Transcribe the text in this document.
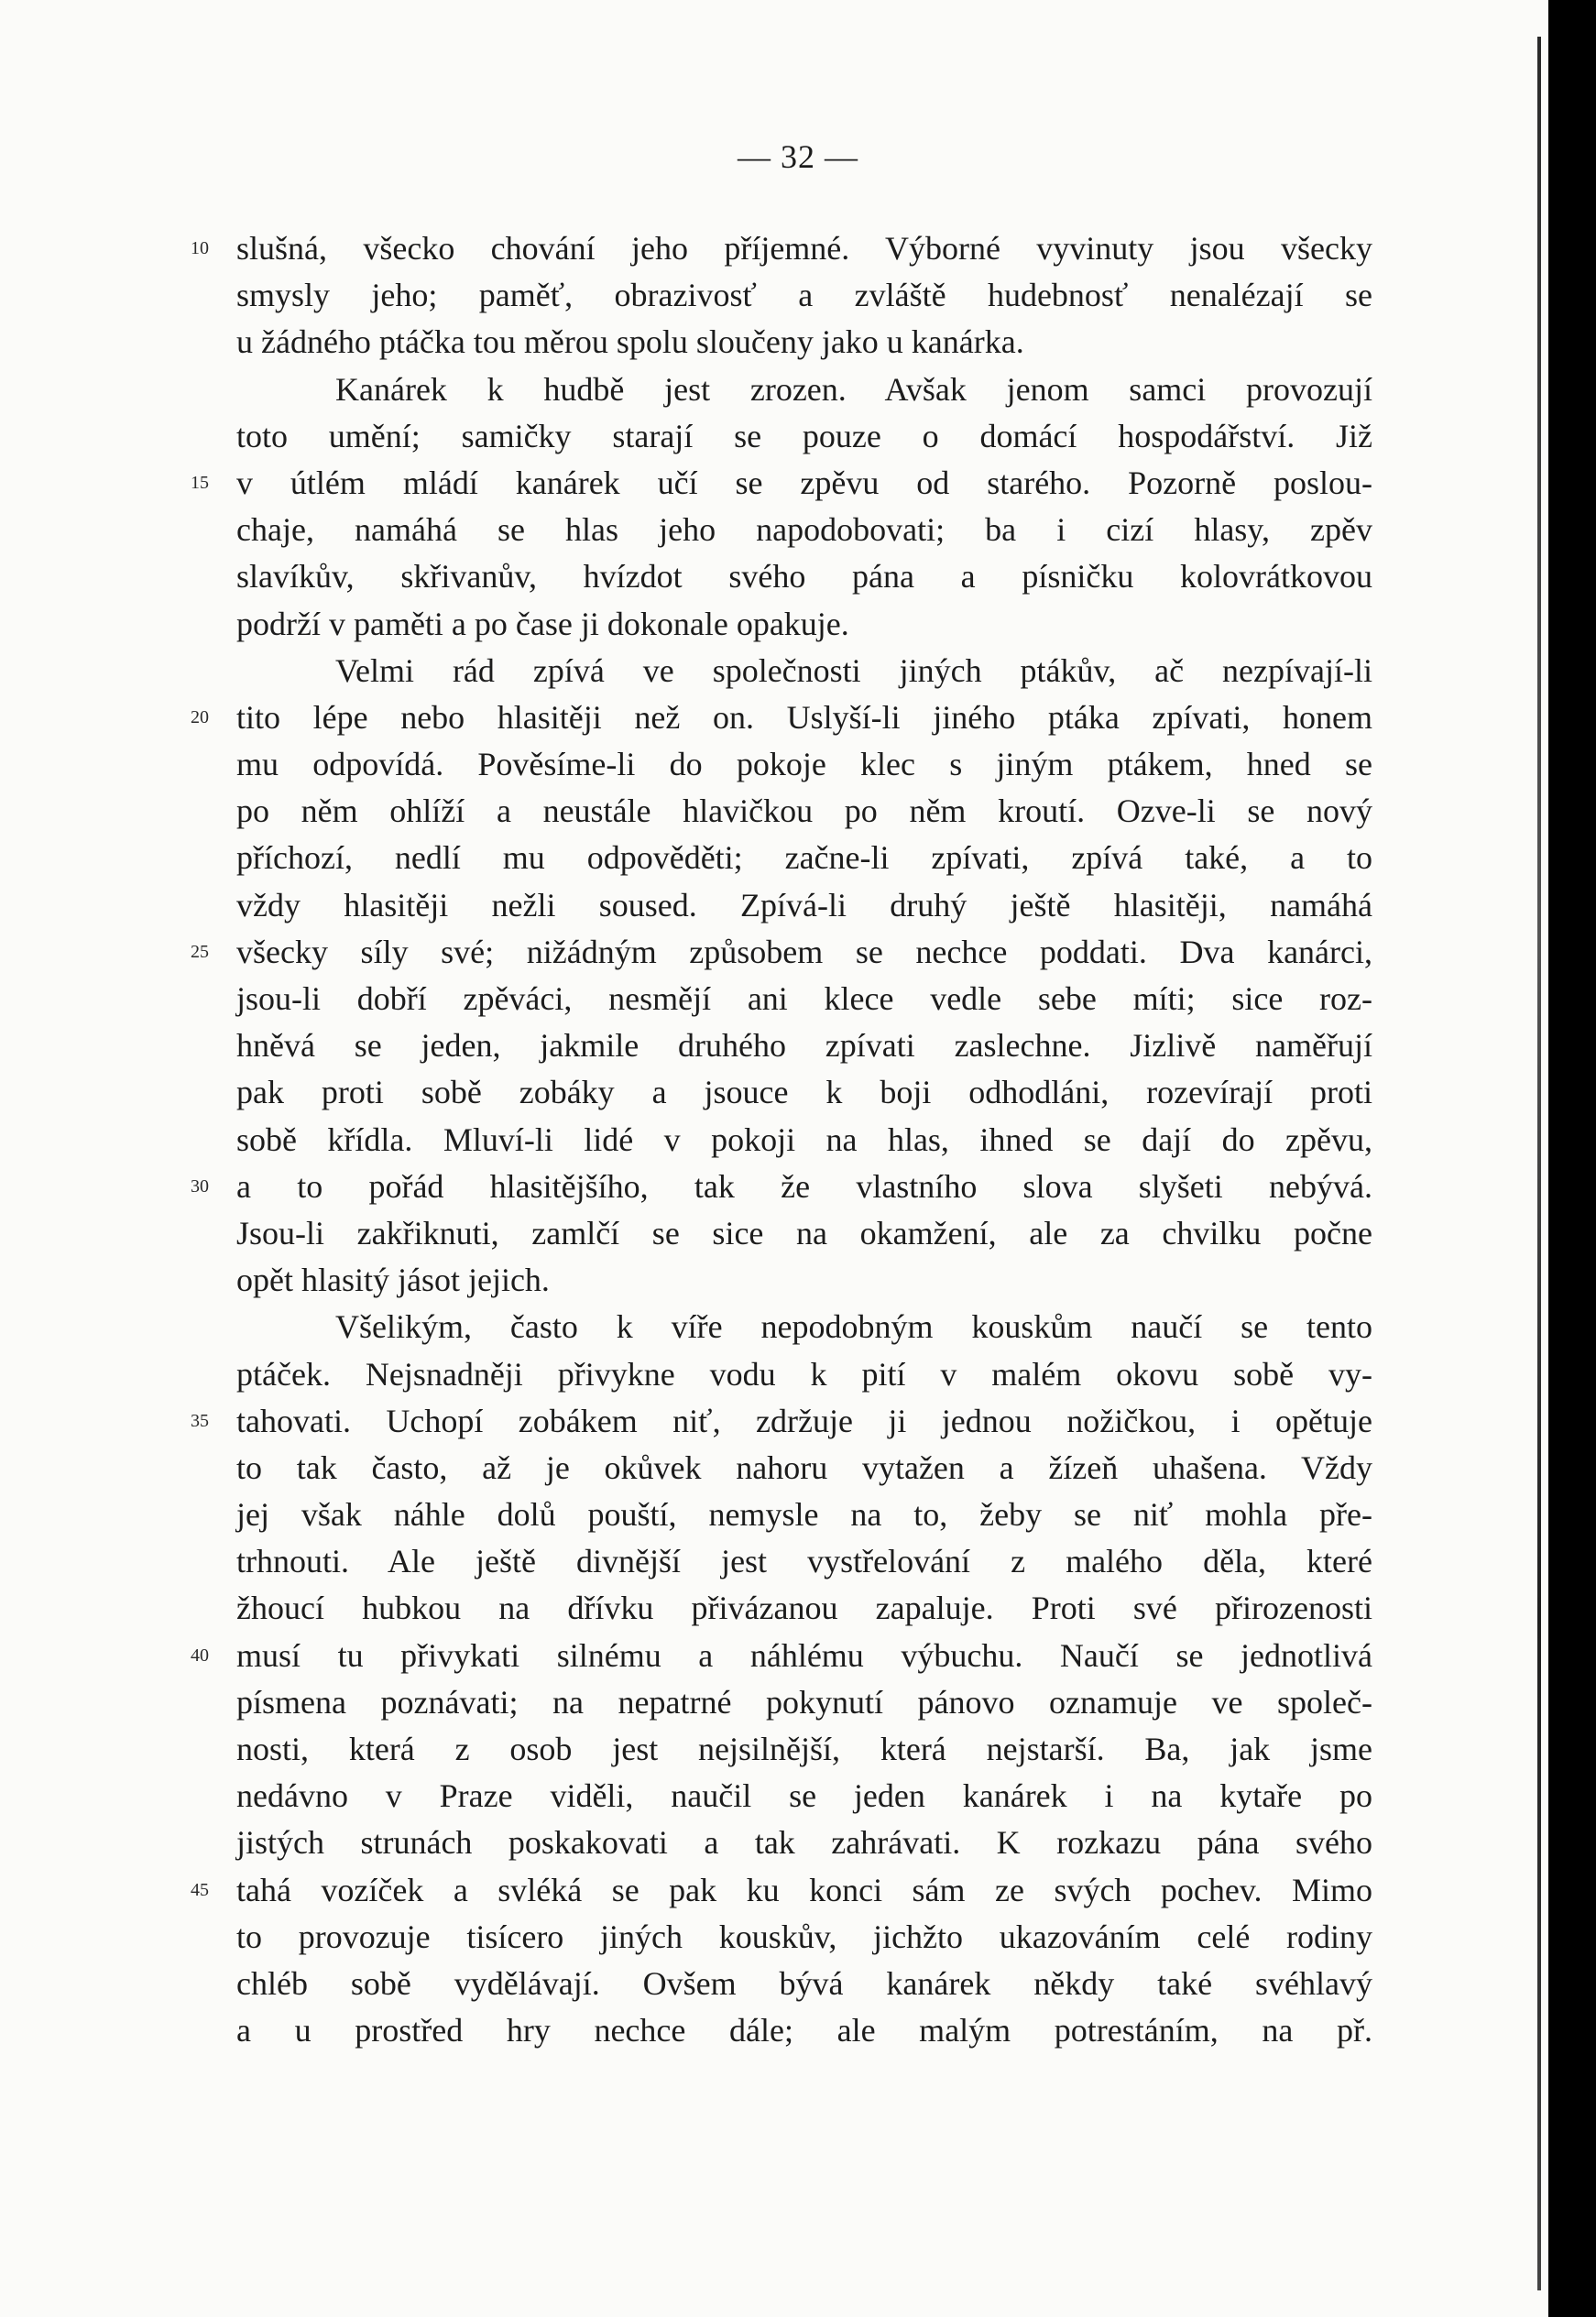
— 32 —
10 slušná, všecko chování jeho příjemné. Výborné vyvinuty jsou všecky
smysly jeho; paměť, obrazivosť a zvláště hudebnosť nenalézají se
u žádného ptáčka tou měrou spolu sloučeny jako u kanárka.
Kanárek k hudbě jest zrozen. Avšak jenom samci provozují
toto umění; samičky starají se pouze o domácí hospodářství. Již
15 v útlém mládí kanárek učí se zpěvu od starého. Pozorně poslou-
chaje, namáhá se hlas jeho napodobovati; ba i cizí hlasy, zpěv
slavíkův, skřivanův, hvízdot svého pána a písničku kolovrátkovou
podrží v paměti a po čase ji dokonale opakuje.
Velmi rád zpívá ve společnosti jiných ptákův, ač nezpívají-li
20 tito lépe nebo hlasitěji než on. Uslyší-li jiného ptáka zpívati, honem
mu odpovídá. Pověsíme-li do pokoje klec s jiným ptákem, hned se
po něm ohlíží a neustále hlavičkou po něm kroutí. Ozve-li se nový
příchozí, nedlí mu odpověděti; začne-li zpívati, zpívá také, a to
vždy hlasitěji nežli soused. Zpívá-li druhý ještě hlasitěji, namáhá
25 všecky síly své; nižádným způsobem se nechce poddati. Dva kanárci,
jsou-li dobří zpěváci, nesmějí ani klece vedle sebe míti; sice roz-
hněvá se jeden, jakmile druhého zpívati zaslechne. Jizlivě naměřují
pak proti sobě zobáky a jsouce k boji odhodláni, rozevírají proti
sobě křídla. Mluví-li lidé v pokoji na hlas, ihned se dají do zpěvu,
30 a to pořád hlasitějšího, tak že vlastního slova slyšeti nebývá.
Jsou-li zakřiknuti, zamlčí se sice na okamžení, ale za chvilku počne
opět hlasitý jásot jejich.
Všelikým, často k víře nepodobným kouskům naučí se tento
ptáček. Nejsnadněji přivykne vodu k pití v malém okovu sobě vy-
35 tahovati. Uchopí zobákem niť, zdržuje ji jednou nožičkou, i opětuje
to tak často, až je okůvek nahoru vytažen a žízeň uhašena. Vždy
jej však náhle dolů pouští, nemysle na to, žeby se niť mohla pře-
trhnouti. Ale ještě divnější jest vystřelování z malého děla, které
žhoucí hubkou na dřívku přivázanou zapaluje. Proti své přirozenosti
40 musí tu přivykati silnému a náhlému výbuchu. Naučí se jednotlivá
písmena poznávati; na nepatrné pokynutí pánovo oznamuje ve společ-
nosti, která z osob jest nejsilnější, která nejstarší. Ba, jak jsme
nedávno v Praze viděli, naučil se jeden kanárek i na kytaře po
jistých strunách poskakovati a tak zahrávati. K rozkazu pána svého
45 tahá vozíček a svléká se pak ku konci sám ze svých pochev. Mimo
to provozuje tisícero jiných kouskův, jichžto ukazováním celé rodiny
chléb sobě vydělávají. Ovšem bývá kanárek někdy také svéhlavý
a u prostřed hry nechce dále; ale malým potrestáním, na př.
